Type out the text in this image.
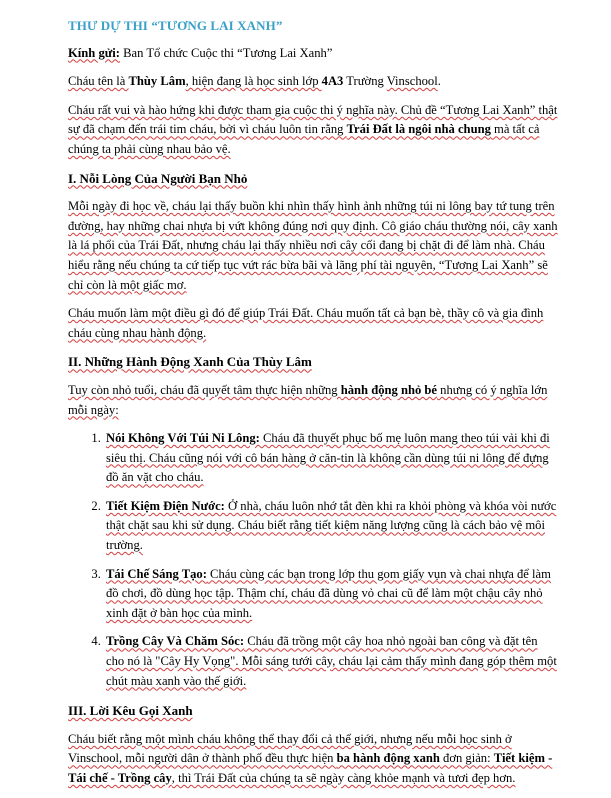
THƯ DỰ THI “TƯƠNG LAI XANH”

Kính gửi: Ban Tổ chức Cuộc thi “Tương Lai Xanh”

Cháu tên là Thùy Lâm, hiện đang là học sinh lớp 4A3 Trường Vinschool.

Cháu rất vui và hào hứng khi được tham gia cuộc thi ý nghĩa này. Chủ đề “Tương Lai Xanh” thật sự đã chạm đến trái tim cháu, bởi vì cháu luôn tin rằng Trái Đất là ngôi nhà chung mà tất cả chúng ta phải cùng nhau bảo vệ.

I. Nỗi Lòng Của Người Bạn Nhỏ

Mỗi ngày đi học về, cháu lại thấy buồn khi nhìn thấy hình ảnh những túi ni lông bay tứ tung trên đường, hay những chai nhựa bị vứt không đúng nơi quy định. Cô giáo cháu thường nói, cây xanh là lá phổi của Trái Đất, nhưng cháu lại thấy nhiều nơi cây cối đang bị chặt đi để làm nhà. Cháu hiểu rằng nếu chúng ta cứ tiếp tục vứt rác bừa bãi và lãng phí tài nguyên, “Tương Lai Xanh” sẽ chỉ còn là một giấc mơ.

Cháu muốn làm một điều gì đó để giúp Trái Đất. Cháu muốn tất cả bạn bè, thầy cô và gia đình cháu cùng nhau hành động.

II. Những Hành Động Xanh Của Thùy Lâm

Tuy còn nhỏ tuổi, cháu đã quyết tâm thực hiện những hành động nhỏ bé nhưng có ý nghĩa lớn mỗi ngày:

1. Nói Không Với Túi Ni Lông: Cháu đã thuyết phục bố mẹ luôn mang theo túi vải khi đi siêu thị. Cháu cũng nói với cô bán hàng ở căn-tin là không cần dùng túi ni lông để đựng đồ ăn vặt cho cháu.
2. Tiết Kiệm Điện Nước: Ở nhà, cháu luôn nhớ tắt đèn khi ra khỏi phòng và khóa vòi nước thật chặt sau khi sử dụng. Cháu biết rằng tiết kiệm năng lượng cũng là cách bảo vệ môi trường.
3. Tái Chế Sáng Tạo: Cháu cùng các bạn trong lớp thu gom giấy vụn và chai nhựa để làm đồ chơi, đồ dùng học tập. Thậm chí, cháu đã dùng vỏ chai cũ để làm một chậu cây nhỏ xinh đặt ở bàn học của mình.
4. Trồng Cây Và Chăm Sóc: Cháu đã trồng một cây hoa nhỏ ngoài ban công và đặt tên cho nó là "Cây Hy Vọng". Mỗi sáng tưới cây, cháu lại cảm thấy mình đang góp thêm một chút màu xanh vào thế giới.
III. Lời Kêu Gọi Xanh

Cháu biết rằng một mình cháu không thể thay đổi cả thế giới, nhưng nếu mỗi học sinh ở Vinschool, mỗi người dân ở thành phố đều thực hiện ba hành động xanh đơn giản: Tiết kiệm - Tái chế - Trồng cây, thì Trái Đất của chúng ta sẽ ngày càng khỏe mạnh và tươi đẹp hơn.
